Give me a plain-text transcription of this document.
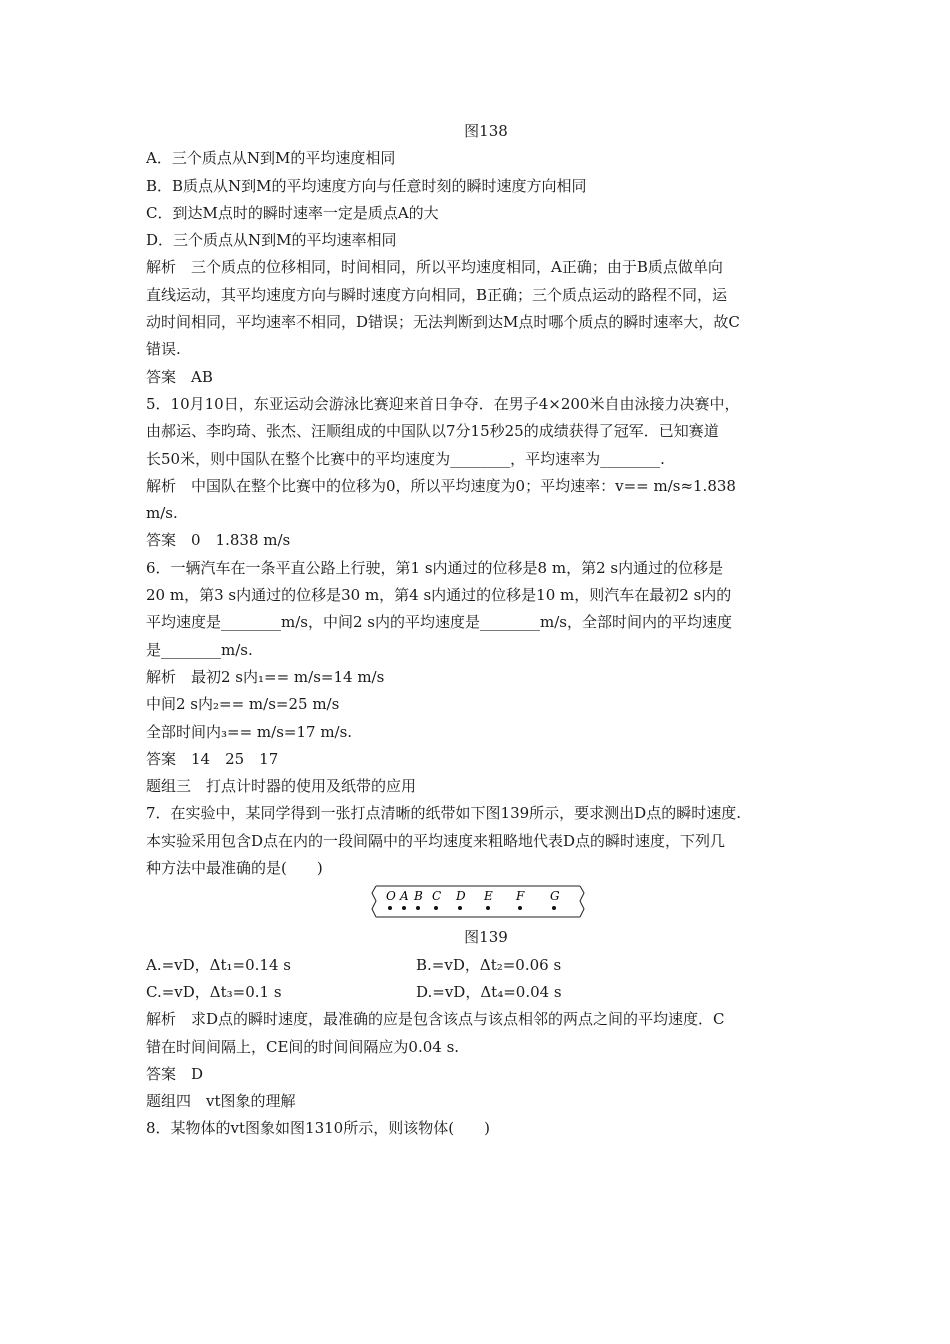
图138
A．三个质点从N到M的平均速度相同
B．B质点从N到M的平均速度方向与任意时刻的瞬时速度方向相同
C．到达M点时的瞬时速率一定是质点A的大
D．三个质点从N到M的平均速率相同
解析　三个质点的位移相同，时间相同，所以平均速度相同，A正确；由于B质点做单向
直线运动，其平均速度方向与瞬时速度方向相同，B正确；三个质点运动的路程不同，运
动时间相同，平均速率不相同，D错误；无法判断到达M点时哪个质点的瞬时速率大，故C
错误.
答案　AB
5．10月10日，东亚运动会游泳比赛迎来首日争夺．在男子4×200米自由泳接力决赛中，
由郝运、李昀琦、张杰、汪顺组成的中国队以7分15秒25的成绩获得了冠军．已知赛道
长50米，则中国队在整个比赛中的平均速度为________，平均速率为________.
解析　中国队在整个比赛中的位移为0，所以平均速度为0；平均速率：v== m/s≈1.838
m/s.
答案　0　1.838 m/s
6．一辆汽车在一条平直公路上行驶，第1 s内通过的位移是8 m，第2 s内通过的位移是
20 m，第3 s内通过的位移是30 m，第4 s内通过的位移是10 m，则汽车在最初2 s内的
平均速度是________m/s，中间2 s内的平均速度是________m/s，全部时间内的平均速度
是________m/s.
解析　最初2 s内₁== m/s=14 m/s
中间2 s内₂== m/s=25 m/s
全部时间内₃== m/s=17 m/s.
答案　14　25　17
题组三　打点计时器的使用及纸带的应用
7．在实验中，某同学得到一张打点清晰的纸带如下图139所示，要求测出D点的瞬时速度.
本实验采用包含D点在内的一段间隔中的平均速度来粗略地代表D点的瞬时速度，下列几
种方法中最准确的是(　　)
O A B C D E F G
图139
A.=vD，Δt₁=0.14 s	B.=vD，Δt₂=0.06 s
C.=vD，Δt₃=0.1 s	D.=vD，Δt₄=0.04 s
解析　求D点的瞬时速度，最准确的应是包含该点与该点相邻的两点之间的平均速度．C
错在时间间隔上，CE间的时间间隔应为0.04 s.
答案　D
题组四　vt图象的理解
8．某物体的vt图象如图1310所示，则该物体(　　)
